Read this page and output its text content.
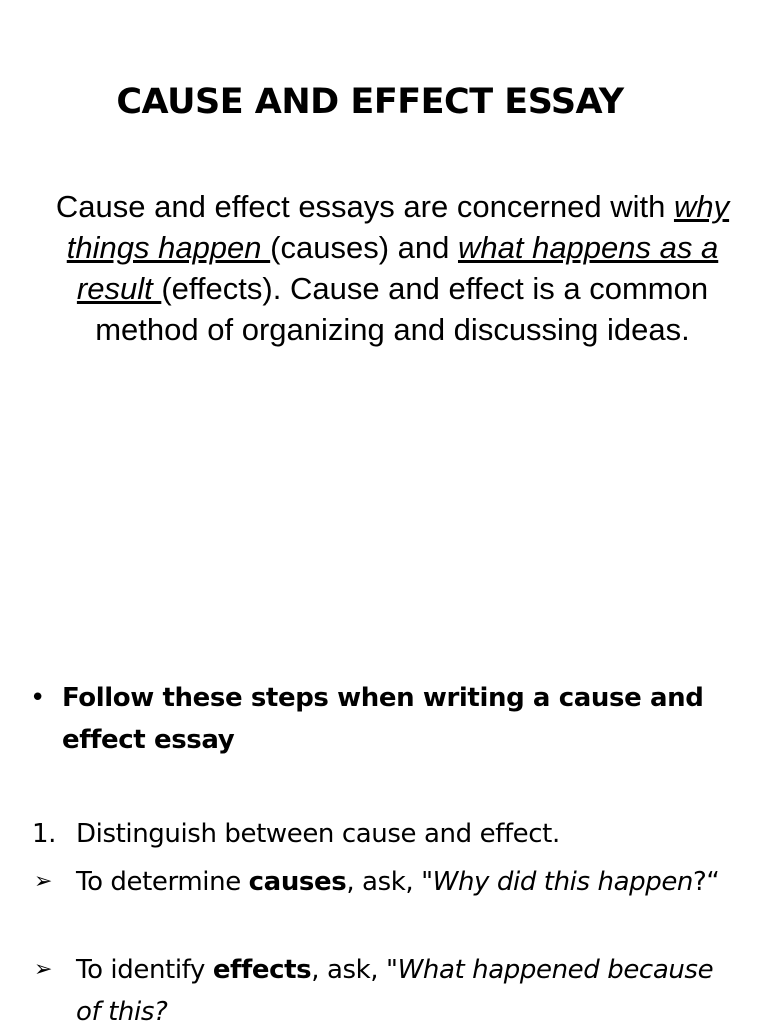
CAUSE AND EFFECT ESSAY

Cause and effect essays are concerned with why things happen (causes) and what happens as a result (effects). Cause and effect is a common method of organizing and discussing ideas.

• Follow these steps when writing a cause and effect essay
1. Distinguish between cause and effect.
➢ To determine causes, ask, "Why did this happen?“
➢ To identify effects, ask, "What happened because of this?
